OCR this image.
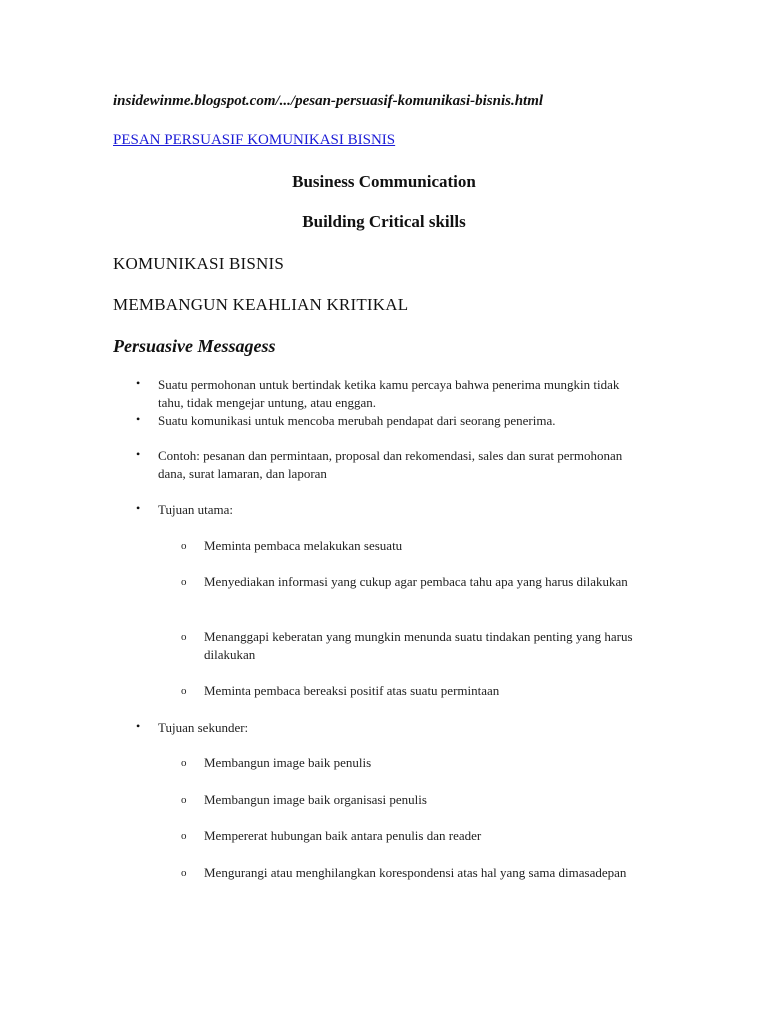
insidewinme.blogspot.com/.../pesan-persuasif-komunikasi-bisnis.html
PESAN PERSUASIF KOMUNIKASI BISNIS
Business Communication
Building Critical skills
KOMUNIKASI BISNIS
MEMBANGUN KEAHLIAN KRITIKAL
Persuasive Messagess
• Suatu permohonan untuk bertindak ketika kamu percaya bahwa penerima mungkin tidak tahu, tidak mengejar untung, atau enggan.
• Suatu komunikasi untuk mencoba merubah pendapat dari seorang penerima.
• Contoh: pesanan dan permintaan, proposal dan rekomendasi, sales dan surat permohonan dana, surat lamaran, dan laporan
• Tujuan utama:
o Meminta pembaca melakukan sesuatu
o Menyediakan informasi yang cukup agar pembaca tahu apa yang harus dilakukan
o Menanggapi keberatan yang mungkin menunda suatu tindakan penting yang harus dilakukan
o Meminta pembaca bereaksi positif atas suatu permintaan
• Tujuan sekunder:
o Membangun image baik penulis
o Membangun image baik organisasi penulis
o Mempererat hubungan baik antara penulis dan reader
o Mengurangi atau menghilangkan korespondensi atas hal yang sama dimasadepan
